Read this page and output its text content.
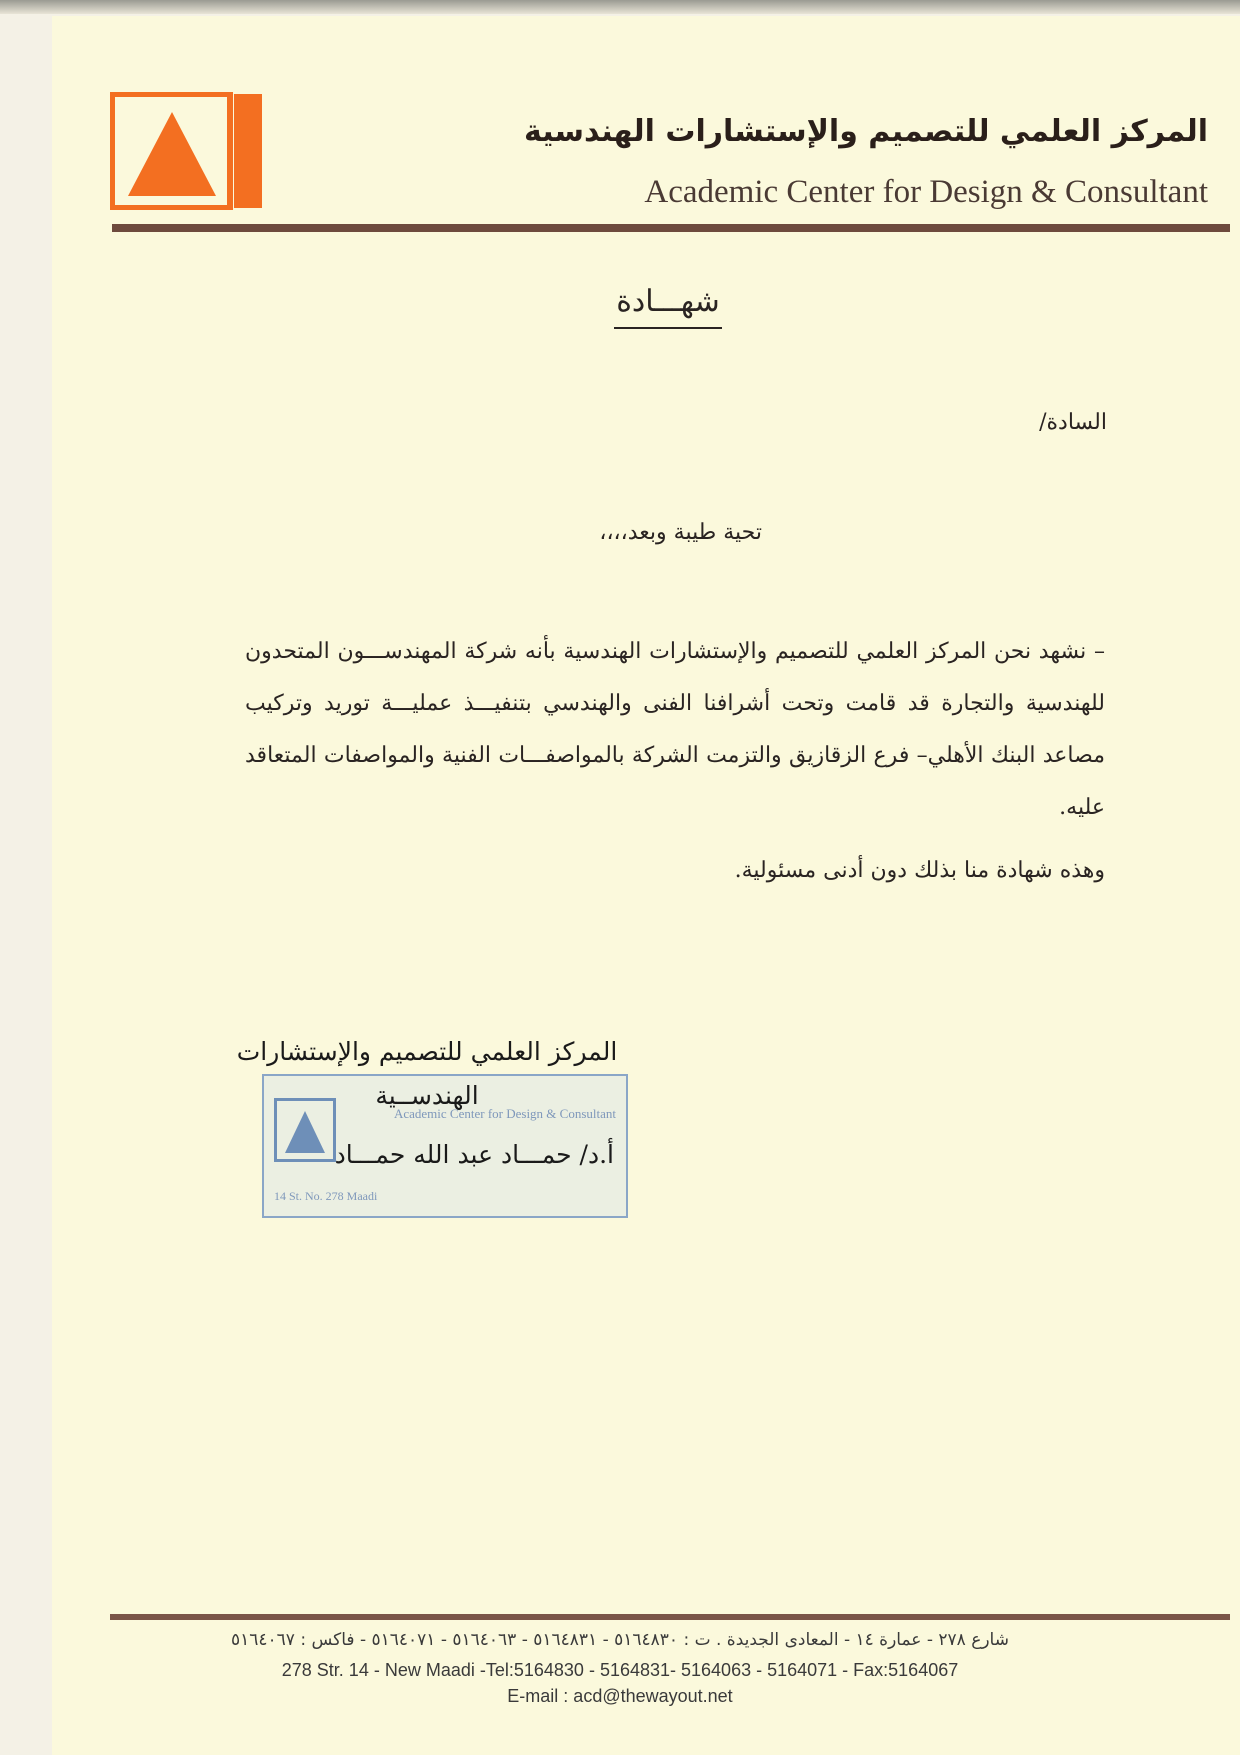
المركز العلمي للتصميم والإستشارات الهندسية
Academic Center for Design & Consultant
شهـــادة
السادة/
تحية طيبة وبعد،،،،
– نشهد نحن المركز العلمي للتصميم والإستشارات الهندسية بأنه شركة المهندســـون المتحدون للهندسية والتجارة قد قامت وتحت أشرافنا الفنى والهندسي بتنفيـــذ عمليـــة توريد وتركيب مصاعد البنك الأهلي– فرع الزقازيق والتزمت الشركة بالمواصفـــات الفنية والمواصفات المتعاقد عليه.
وهذه شهادة منا بذلك دون أدنى مسئولية.
Academic Center for Design & Consultant
14 St. No. 278 Maadi
المركز العلمي للتصميم والإستشارات
الهندســية
أ.د/ حمـــاد عبد الله حمـــاد
شارع ٢٧٨ - عمارة ١٤ - المعادى الجديدة . ت : ٥١٦٤٨٣٠ - ٥١٦٤٨٣١ - ٥١٦٤٠٦٣ - ٥١٦٤٠٧١ - فاكس : ٥١٦٤٠٦٧
278 Str. 14 - New Maadi -Tel:5164830 - 5164831- 5164063 - 5164071 - Fax:5164067
E-mail : acd@thewayout.net
